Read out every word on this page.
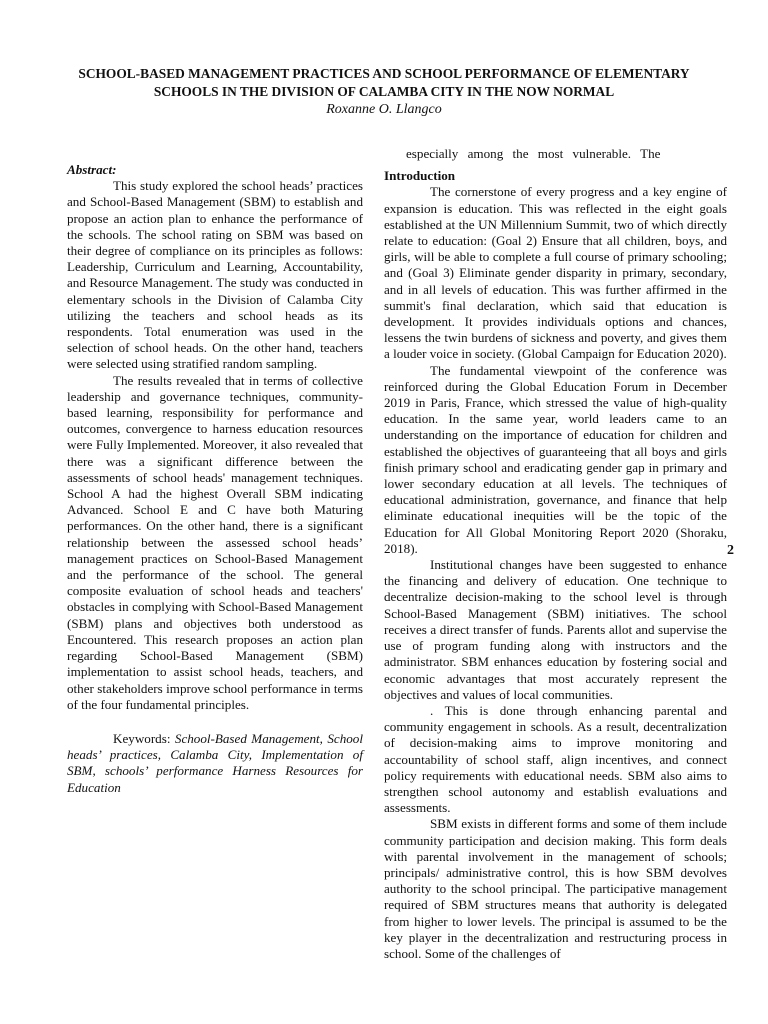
SCHOOL-BASED MANAGEMENT PRACTICES AND SCHOOL PERFORMANCE OF ELEMENTARY SCHOOLS IN THE DIVISION OF CALAMBA CITY IN THE NOW NORMAL
Roxanne O. Llangco

Abstract:

This study explored the school heads’ practices and School-Based Management (SBM) to establish and propose an action plan to enhance the performance of the schools. The school rating on SBM was based on their degree of compliance on its principles as follows: Leadership, Curriculum and Learning, Accountability, and Resource Management. The study was conducted in elementary schools in the Division of Calamba City utilizing the teachers and school heads as its respondents. Total enumeration was used in the selection of school heads. On the other hand, teachers were selected using stratified random sampling.

The results revealed that in terms of collective leadership and governance techniques, community-based learning, responsibility for performance and outcomes, convergence to harness education resources were Fully Implemented. Moreover, it also revealed that there was a significant difference between the assessments of school heads' management techniques. School A had the highest Overall SBM indicating Advanced. School E and C have both Maturing performances. On the other hand, there is a significant relationship between the assessed school heads’ management practices on School-Based Management and the performance of the school. The general composite evaluation of school heads and teachers' obstacles in complying with School-Based Management (SBM) plans and objectives both understood as Encountered. This research proposes an action plan regarding School-Based Management (SBM) implementation to assist school heads, teachers, and other stakeholders improve school performance in terms of the four fundamental principles.

Keywords: School-Based Management, School heads’ practices, Calamba City, Implementation of SBM, schools’ performance Harness Resources for Education

especially among the most vulnerable. The

Introduction

The cornerstone of every progress and a key engine of expansion is education. This was reflected in the eight goals established at the UN Millennium Summit, two of which directly relate to education: (Goal 2) Ensure that all children, boys, and girls, will be able to complete a full course of primary schooling; and (Goal 3) Eliminate gender disparity in primary, secondary, and in all levels of education. This was further affirmed in the summit's final declaration, which said that education is development. It provides individuals options and chances, lessens the twin burdens of sickness and poverty, and gives them a louder voice in society. (Global Campaign for Education 2020).

The fundamental viewpoint of the conference was reinforced during the Global Education Forum in December 2019 in Paris, France, which stressed the value of high-quality education. In the same year, world leaders came to an understanding on the importance of education for children and established the objectives of guaranteeing that all boys and girls finish primary school and eradicating gender gap in primary and lower secondary education at all levels. The techniques of educational administration, governance, and finance that help eliminate educational inequities will be the topic of the Education for All Global Monitoring Report 2020 (Shoraku, 2018).

Institutional changes have been suggested to enhance the financing and delivery of education. One technique to decentralize decision-making to the school level is through School-Based Management (SBM) initiatives. The school receives a direct transfer of funds. Parents allot and supervise the use of program funding along with instructors and the administrator. SBM enhances education by fostering social and economic advantages that most accurately represent the objectives and values of local communities.

. This is done through enhancing parental and community engagement in schools. As a result, decentralization of decision-making aims to improve monitoring and accountability of school staff, align incentives, and connect policy requirements with educational needs. SBM also aims to strengthen school autonomy and establish evaluations and assessments.

SBM exists in different forms and some of them include community participation and decision making. This form deals with parental involvement in the management of schools; principals/ administrative control, this is how SBM devolves authority to the school principal. The participative management required of SBM structures means that authority is delegated from higher to lower levels. The principal is assumed to be the key player in the decentralization and restructuring process in school. Some of the challenges of

2
